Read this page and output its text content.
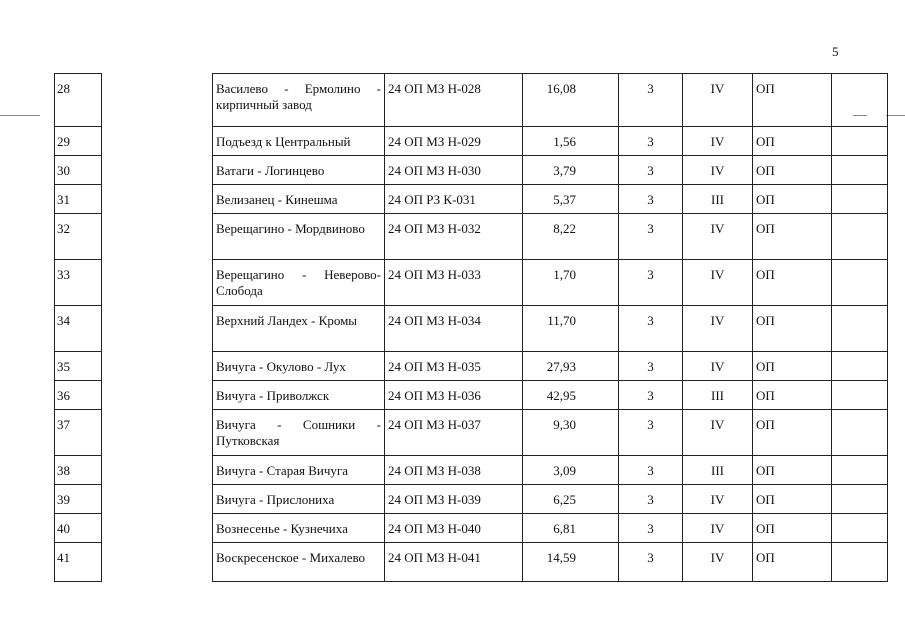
5
28		Василево - Ермолино - кирпичный завод	24 ОП МЗ Н-028	16,08	3	IV	ОП	
29		Подъезд к Центральный	24 ОП МЗ Н-029	1,56	3	IV	ОП	
30		Ватаги - Логинцево	24 ОП МЗ Н-030	3,79	3	IV	ОП	
31		Велизанец - Кинешма	24 ОП РЗ К-031	5,37	3	III	ОП	
32		Верещагино - Мордвиново	24 ОП МЗ Н-032	8,22	3	IV	ОП	
33		Верещагино - Неверово-Слобода	24 ОП МЗ Н-033	1,70	3	IV	ОП	
34		Верхний Ландех - Кромы	24 ОП МЗ Н-034	11,70	3	IV	ОП	
35		Вичуга - Окулово - Лух	24 ОП МЗ Н-035	27,93	3	IV	ОП	
36		Вичуга - Приволжск	24 ОП МЗ Н-036	42,95	3	III	ОП	
37		Вичуга - Сошники - Путковская	24 ОП МЗ Н-037	9,30	3	IV	ОП	
38		Вичуга - Старая Вичуга	24 ОП МЗ Н-038	3,09	3	III	ОП	
39		Вичуга - Прислониха	24 ОП МЗ Н-039	6,25	3	IV	ОП	
40		Вознесенье - Кузнечиха	24 ОП МЗ Н-040	6,81	3	IV	ОП	
41		Воскресенское - Михалево	24 ОП МЗ Н-041	14,59	3	IV	ОП	
